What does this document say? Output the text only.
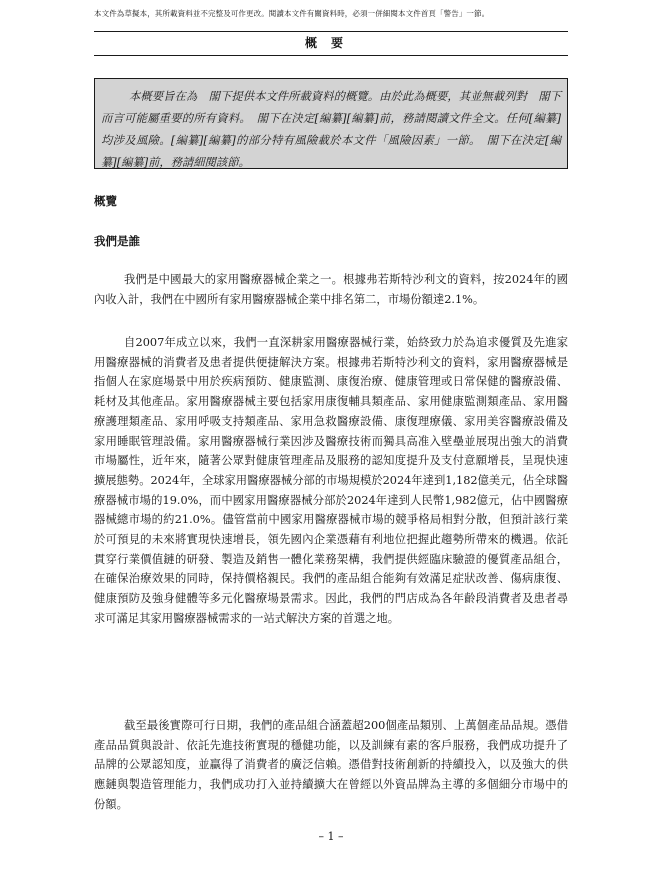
本文件為草擬本，其所載資料並不完整及可作更改。閱讀本文件有關資料時，必須一併細閱本文件首頁「警告」一節。
概要
本概要旨在為　閣下提供本文件所載資料的概覽。由於此為概要，其並無載列對　閣下而言可能屬重要的所有資料。　閣下在決定[編纂][編纂]前，務請閱讀文件全文。任何[編纂]均涉及風險。[編纂][編纂]的部分特有風險載於本文件「風險因素」一節。　閣下在決定[編纂][編纂]前，務請細閱該節。
概覽
我們是誰

我們是中國最大的家用醫療器械企業之一。根據弗若斯特沙利文的資料，按2024年的國內收入計，我們在中國所有家用醫療器械企業中排名第二，市場份額達2.1%。

自2007年成立以來，我們一直深耕家用醫療器械行業，始終致力於為追求優質及先進家用醫療器械的消費者及患者提供便捷解決方案。根據弗若斯特沙利文的資料，家用醫療器械是指個人在家庭場景中用於疾病預防、健康監測、康復治療、健康管理或日常保健的醫療設備、耗材及其他產品。家用醫療器械主要包括家用康復輔具類產品、家用健康監測類產品、家用醫療護理類產品、家用呼吸支持類產品、家用急救醫療設備、康復理療儀、家用美容醫療設備及家用睡眠管理設備。家用醫療器械行業因涉及醫療技術而獨具高准入壁壘並展現出強大的消費市場屬性，近年來，隨著公眾對健康管理產品及服務的認知度提升及支付意願增長，呈現快速擴展態勢。2024年，全球家用醫療器械分部的市場規模於2024年達到1,182億美元，佔全球醫療器械市場的19.0%，而中國家用醫療器械分部於2024年達到人民幣1,982億元，佔中國醫療器械總市場的約21.0%。儘管當前中國家用醫療器械市場的競爭格局相對分散，但預計該行業於可預見的未來將實現快速增長，領先國內企業憑藉有利地位把握此趨勢所帶來的機遇。依託貫穿行業價值鏈的研發、製造及銷售一體化業務架構，我們提供經臨床驗證的優質產品組合，在確保治療效果的同時，保持價格親民。我們的產品組合能夠有效滿足症狀改善、傷病康復、健康預防及強身健體等多元化醫療場景需求。因此，我們的門店成為各年齡段消費者及患者尋求可滿足其家用醫療器械需求的一站式解決方案的首選之地。

截至最後實際可行日期，我們的產品組合涵蓋超200個產品類別、上萬個產品品規。憑借產品品質與設計、依託先進技術實現的穩健功能，以及訓練有素的客戶服務，我們成功提升了品牌的公眾認知度，並贏得了消費者的廣泛信賴。憑借對技術創新的持續投入，以及強大的供應鏈與製造管理能力，我們成功打入並持續擴大在曾經以外資品牌為主導的多個細分市場中的份額。

– 1 –
